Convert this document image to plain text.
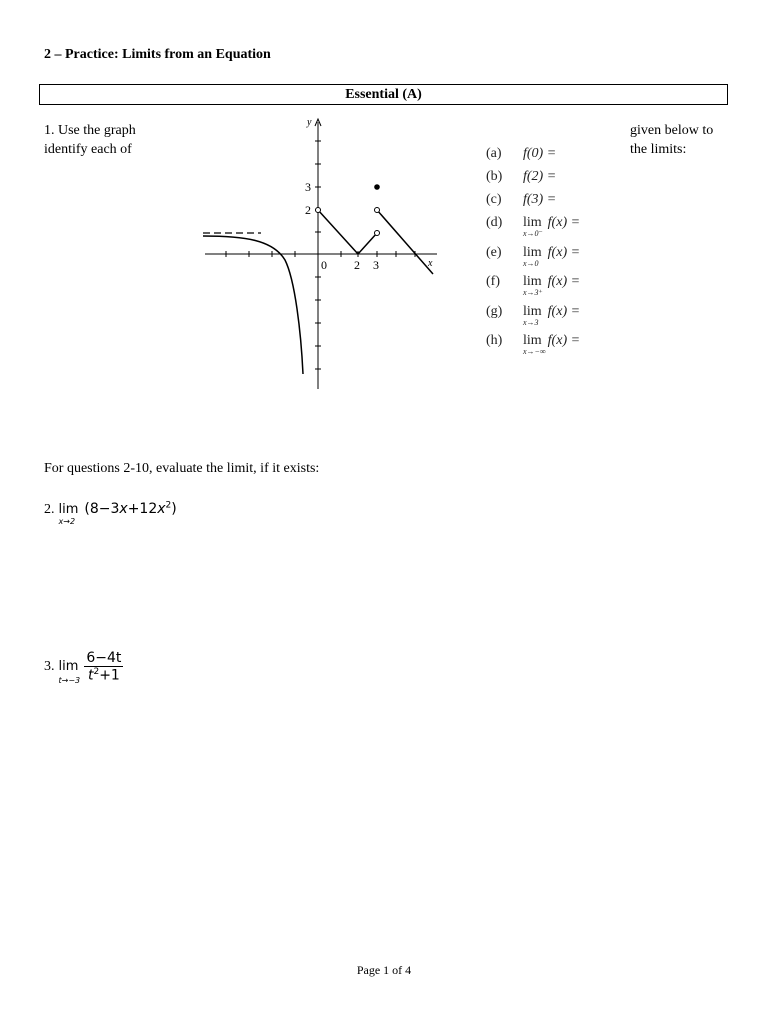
2 – Practice: Limits from an Equation
Essential (A)
1. Use the graph
identify each of
given below to
the limits:
y
x
3
2
0 2 3
(a) f(0) =
(b) f(2) =
(c) f(3) =
(d) lim
x→0⁻
f(x) =
(e) lim
x→0
f(x) =
(f) lim
x→3⁺
f(x) =
(g) lim
x→3
f(x) =
(h) lim
x→−∞
f(x) =
For questions 2-10, evaluate the limit, if it exists:
2. lim
x→2
$(8-3x+12x^2)$
3. lim
$t\to-3 \frac{6-4t}{t^2+1}$
Page 1 of 4
